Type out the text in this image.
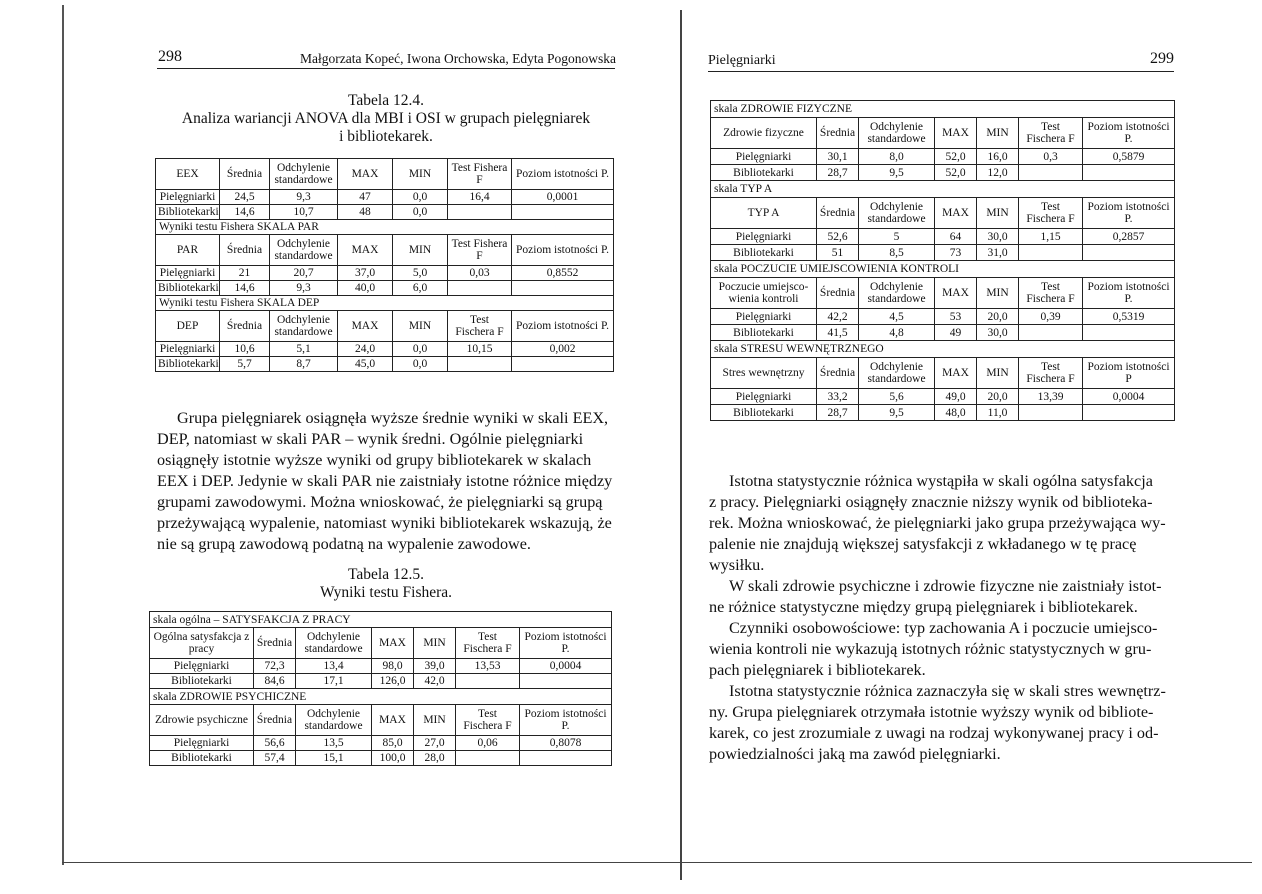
298	Małgorzata Kopeć, Iwona Orchowska, Edyta Pogonowska
Tabela 12.4.
Analiza wariancji ANOVA dla MBI i OSI w grupach pielęgniarek
i bibliotekarek.
EEX	Średnia	Odchylenie standardowe	MAX	MIN	Test Fishera F	Poziom istotności P.
Pielęgniarki	24,5	9,3	47	0,0	16,4	0,0001
Bibliotekarki	14,6	10,7	48	0,0		
Wyniki testu Fishera SKALA PAR						
PAR	Średnia	Odchylenie standardowe	MAX	MIN	Test Fishera F	Poziom istotności P.
Pielęgniarki	21	20,7	37,0	5,0	0,03	0,8552
Bibliotekarki	14,6	9,3	40,0	6,0		
Wyniki testu Fishera SKALA DEP						
DEP	Średnia	Odchylenie standardowe	MAX	MIN	Test Fischera F	Poziom istotności P.
Pielęgniarki	10,6	5,1	24,0	0,0	10,15	0,002
Bibliotekarki	5,7	8,7	45,0	0,0		

Grupa pielęgniarek osiągnęła wyższe średnie wyniki w skali EEX,

DEP, natomiast w skali PAR – wynik średni. Ogólnie pielęgniarki

osiągnęły istotnie wyższe wyniki od grupy bibliotekarek w skalach

EEX i DEP. Jedynie w skali PAR nie zaistniały istotne różnice między

grupami zawodowymi. Można wnioskować, że pielęgniarki są grupą

przeżywającą wypalenie, natomiast wyniki bibliotekarek wskazują, że

nie są grupą zawodową podatną na wypalenie zawodowe.

Tabela 12.5.
Wyniki testu Fishera.
skala ogólna – SATYSFAKCJA Z PRACY						
Ogólna satysfakcja z pracy	Średnia	Odchylenie standardowe	MAX	MIN	Test Fischera F	Poziom istotności P.
Pielęgniarki	72,3	13,4	98,0	39,0	13,53	0,0004
Bibliotekarki	84,6	17,1	126,0	42,0		
skala ZDROWIE PSYCHICZNE						
Zdrowie psychiczne	Średnia	Odchylenie standardowe	MAX	MIN	Test Fischera F	Poziom istotności P.
Pielęgniarki	56,6	13,5	85,0	27,0	0,06	0,8078
Bibliotekarki	57,4	15,1	100,0	28,0		
Pielęgniarki	299
skala ZDROWIE FIZYCZNE						
Zdrowie fizyczne	Średnia	Odchylenie standardowe	MAX	MIN	Test Fischera F	Poziom istotności P.
Pielęgniarki	30,1	8,0	52,0	16,0	0,3	0,5879
Bibliotekarki	28,7	9,5	52,0	12,0		
skala TYP A						
TYP A	Średnia	Odchylenie standardowe	MAX	MIN	Test Fischera F	Poziom istotności P.
Pielęgniarki	52,6	5	64	30,0	1,15	0,2857
Bibliotekarki	51	8,5	73	31,0		
skala POCZUCIE UMIEJSCOWIENIA KONTROLI						
Poczucie umiejsco-wienia kontroli	Średnia	Odchylenie standardowe	MAX	MIN	Test Fischera F	Poziom istotności P.
Pielęgniarki	42,2	4,5	53	20,0	0,39	0,5319
Bibliotekarki	41,5	4,8	49	30,0		
skala STRESU WEWNĘTRZNEGO						
Stres wewnętrzny	Średnia	Odchylenie standardowe	MAX	MIN	Test Fischera F	Poziom istotności P
Pielęgniarki	33,2	5,6	49,0	20,0	13,39	0,0004
Bibliotekarki	28,7	9,5	48,0	11,0		

Istotna statystycznie różnica wystąpiła w skali ogólna satysfakcja

z pracy. Pielęgniarki osiągnęły znacznie niższy wynik od biblioteka-

rek. Można wnioskować, że pielęgniarki jako grupa przeżywająca wy-

palenie nie znajdują większej satysfakcji z wkładanego w tę pracę

wysiłku.

W skali zdrowie psychiczne i zdrowie fizyczne nie zaistniały istot-

ne różnice statystyczne między grupą pielęgniarek i bibliotekarek.

Czynniki osobowościowe: typ zachowania A i poczucie umiejsco-

wienia kontroli nie wykazują istotnych różnic statystycznych w gru-

pach pielęgniarek i bibliotekarek.

Istotna statystycznie różnica zaznaczyła się w skali stres wewnętrz-

ny. Grupa pielęgniarek otrzymała istotnie wyższy wynik od bibliote-

karek, co jest zrozumiale z uwagi na rodzaj wykonywanej pracy i od-

powiedzialności jaką ma zawód pielęgniarki.
